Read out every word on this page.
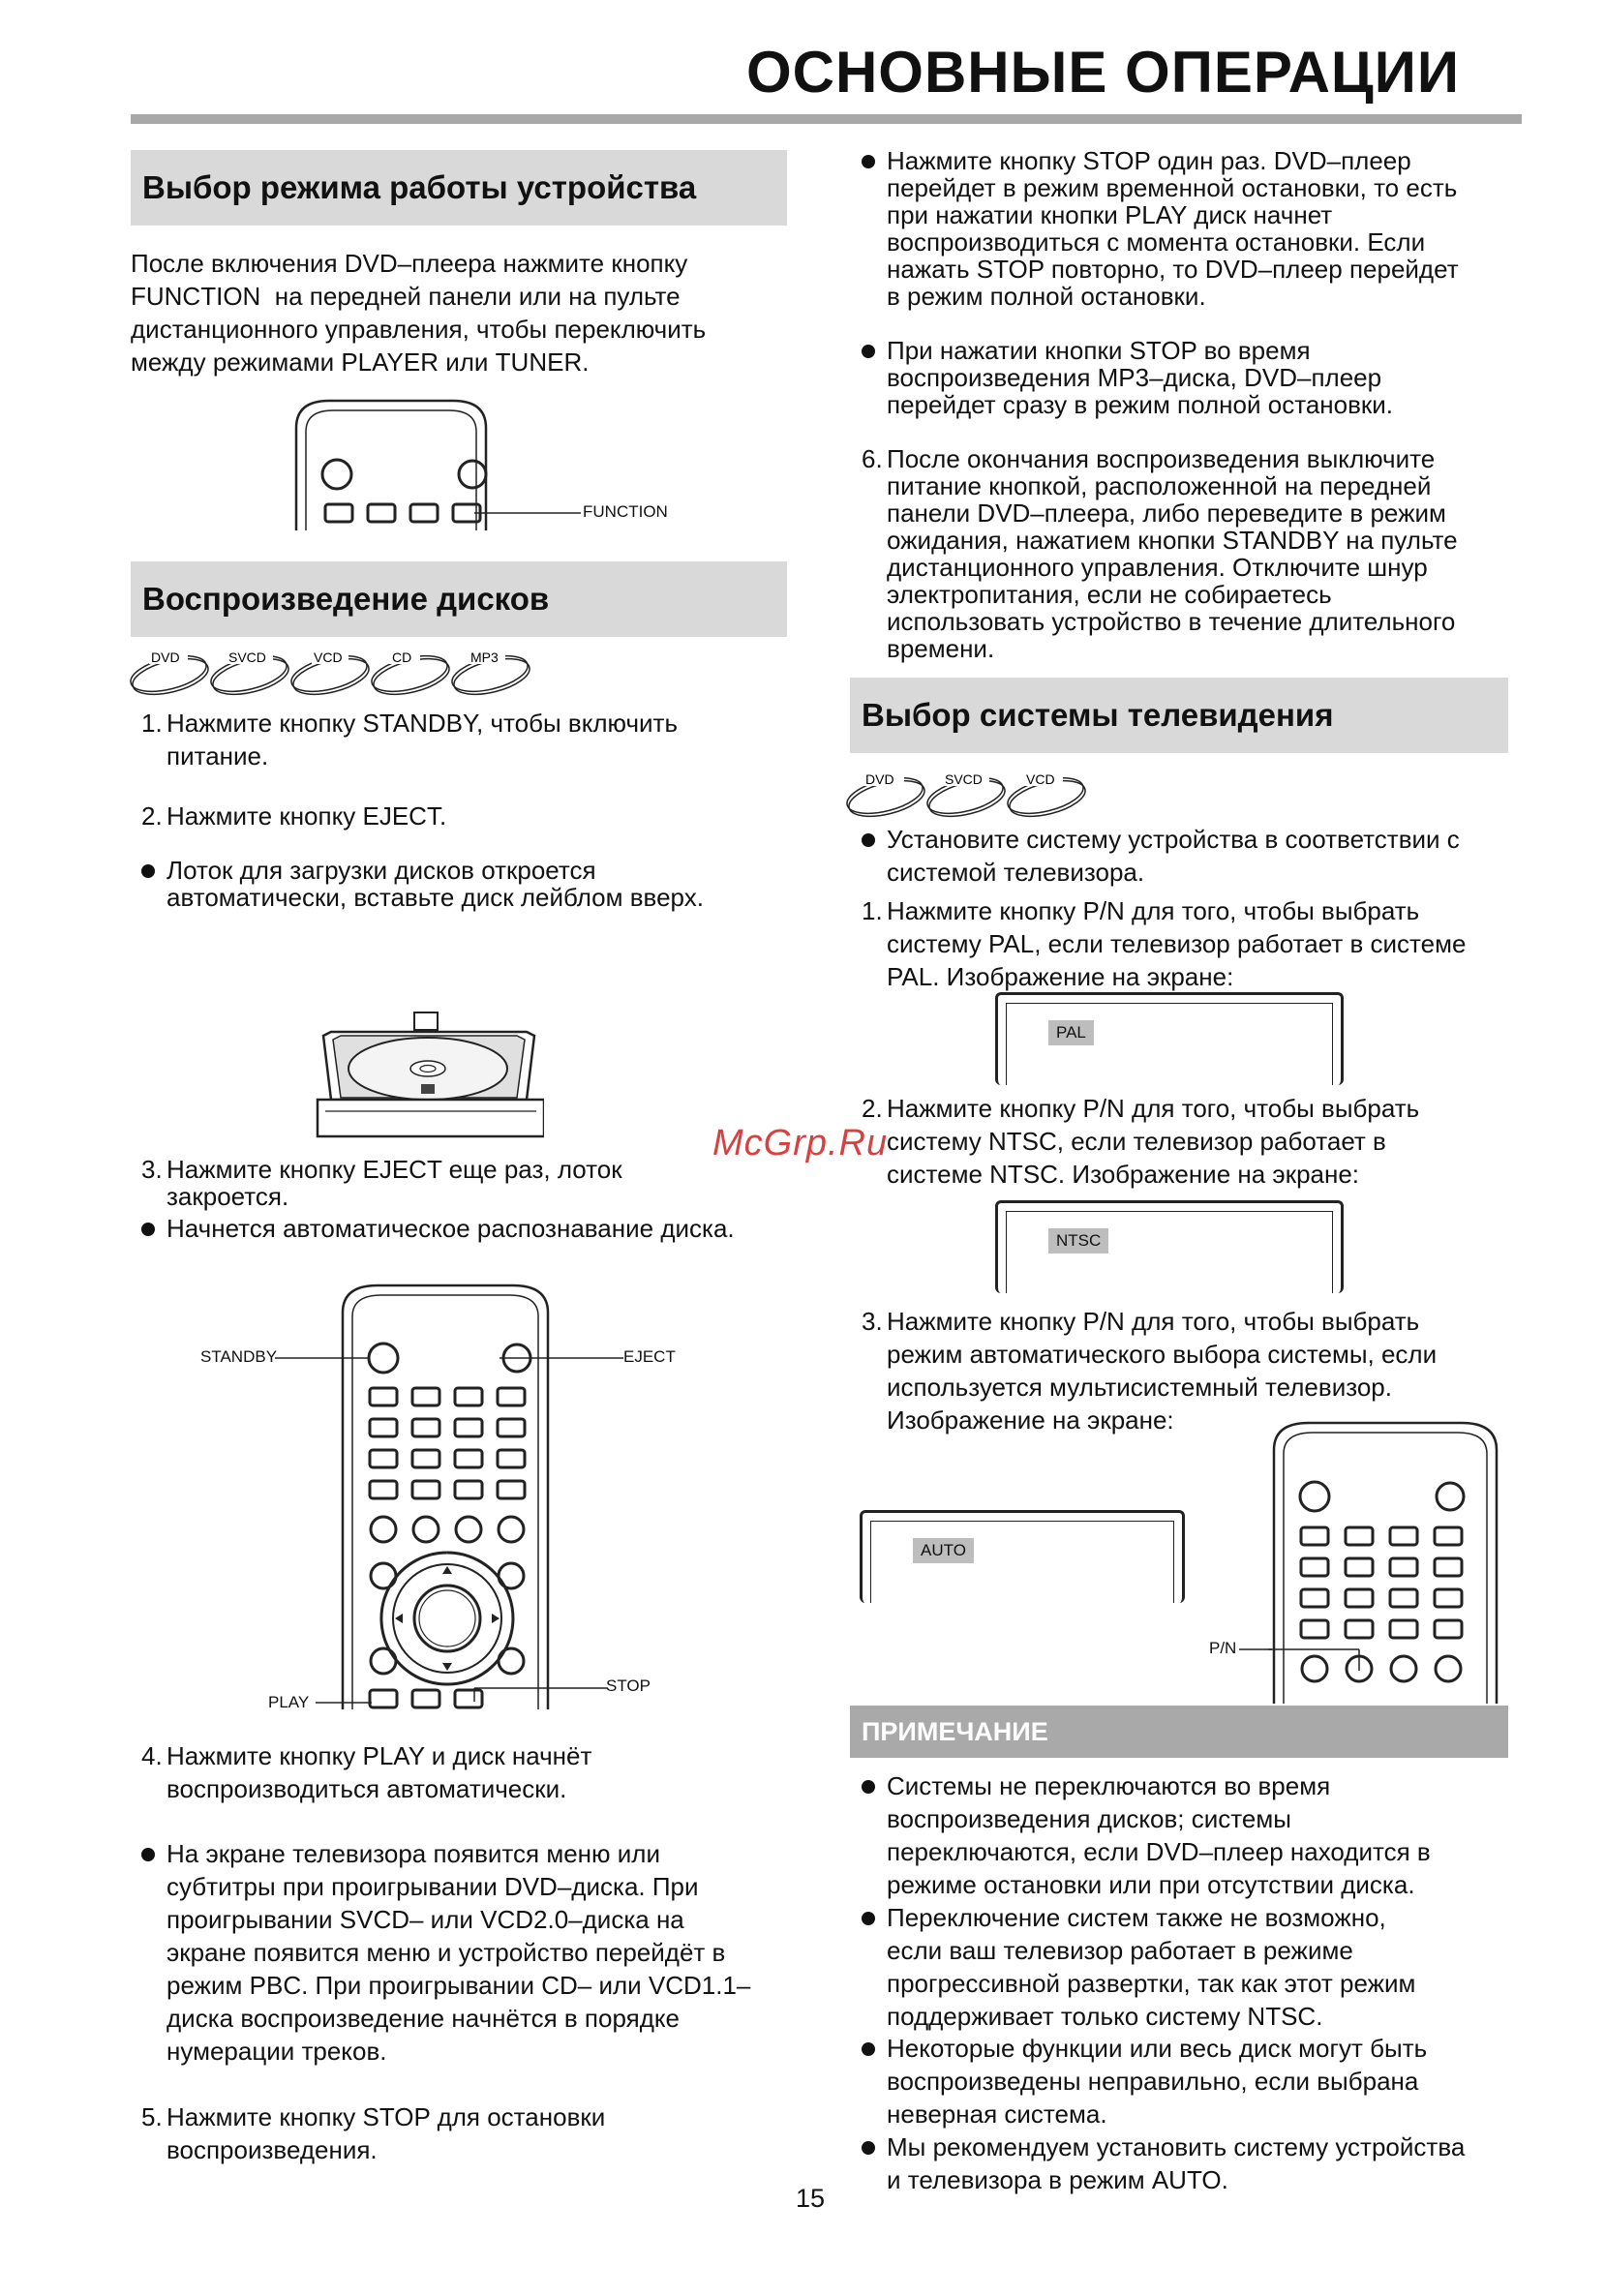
ОСНОВНЫЕ ОПЕРАЦИИ
Выбор режима работы устройства
После включения DVD–плеера нажмите кнопку
FUNCTION  на передней панели или на пульте
дистанционного управления, чтобы переключить
между режимами PLAYER или TUNER.
FUNCTION
Воспроизведение дисков
DVD	SVCD	VCD	CD	MP3
1. Нажмите кнопку STANDBY, чтобы включить
питание.
2. Нажмите кнопку EJECT.
Лоток для загрузки дисков откроется
автоматически, вставьте диск лейблом вверх.
3. Нажмите кнопку EJECT еще раз, лоток
закроется.
Начнется автоматическое распознавание диска.
STANDBY	EJECT
PLAY
STOP
4. Нажмите кнопку PLAY и диск начнёт
воспроизводиться автоматически.
На экране телевизора появится меню или
субтитры при проигрывании DVD–диска. При
проигрывании SVCD– или VCD2.0–диска на
экране появится меню и устройство перейдёт в
режим PBC. При проигрывании CD– или VCD1.1–
диска воспроизведение начнётся в порядке
нумерации треков.
5. Нажмите кнопку STOP для остановки
воспроизведения.
Нажмите кнопку STOP один раз. DVD–плеер
перейдет в режим временной остановки, то есть
при нажатии кнопки PLAY диск начнет
воспроизводиться с момента остановки. Если
нажать STOP повторно, то DVD–плеер перейдет
в режим полной остановки.
При нажатии кнопки STOP во время
воспроизведения MP3–диска, DVD–плеер
перейдет сразу в режим полной остановки.
6. После окончания воспроизведения выключите
питание кнопкой, расположенной на передней
панели DVD–плеера, либо переведите в режим
ожидания, нажатием кнопки STANDBY на пульте
дистанционного управления. Отключите шнур
электропитания, если не собираетесь
использовать устройство в течение длительного
времени.
Выбор системы телевидения
DVD	SVCD	VCD
Установите систему устройства в соответствии с
системой телевизора.
1. Нажмите кнопку P/N для того, чтобы выбрать
систему PAL, если телевизор работает в системе
PAL. Изображение на экране:
PAL
2. Нажмите кнопку P/N для того, чтобы выбрать
систему NTSC, если телевизор работает в
системе NTSC. Изображение на экране:
NTSC
3. Нажмите кнопку P/N для того, чтобы выбрать
режим автоматического выбора системы, если
используется мультисистемный телевизор.
Изображение на экране:
AUTO
P/N
ПРИМЕЧАНИЕ
Системы не переключаются во время
воспроизведения дисков; системы
переключаются, если DVD–плеер находится в
режиме остановки или при отсутствии диска.
Переключение систем также не возможно,
если ваш телевизор работает в режиме
прогрессивной развертки, так как этот режим
поддерживает только систему NTSC.
Некоторые функции или весь диск могут быть
воспроизведены неправильно, если выбрана
неверная система.
Мы рекомендуем установить систему устройства
и телевизора в режим AUTO.
McGrp.Ru
15
